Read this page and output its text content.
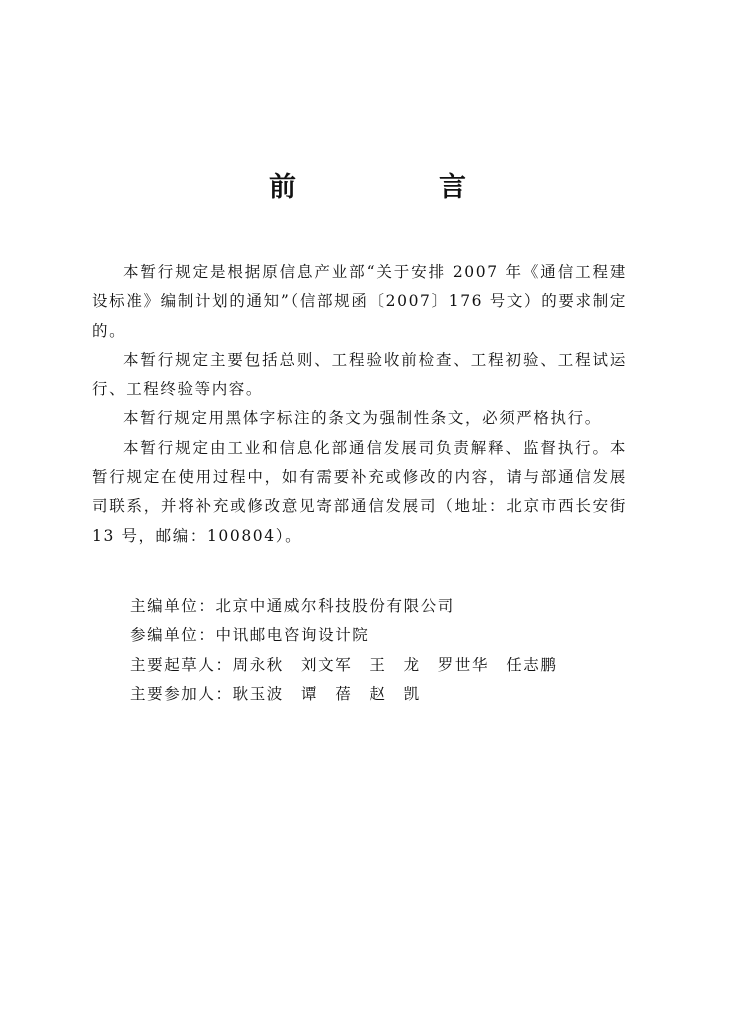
前　言

本暂行规定是根据原信息产业部“关于安排 2007 年《通信工程建设标准》编制计划的通知”（信部规函〔2007〕176 号文）的要求制定的。

本暂行规定主要包括总则、工程验收前检查、工程初验、工程试运行、工程终验等内容。

本暂行规定用黑体字标注的条文为强制性条文，必须严格执行。

本暂行规定由工业和信息化部通信发展司负责解释、监督执行。本暂行规定在使用过程中，如有需要补充或修改的内容，请与部通信发展司联系，并将补充或修改意见寄部通信发展司（地址：北京市西长安街 13 号，邮编：100804）。

主编单位：北京中通威尔科技股份有限公司
参编单位：中讯邮电咨询设计院
主要起草人：周永秋　刘文军　王　龙　罗世华　任志鹏
主要参加人：耿玉波　谭　蓓　赵　凯
